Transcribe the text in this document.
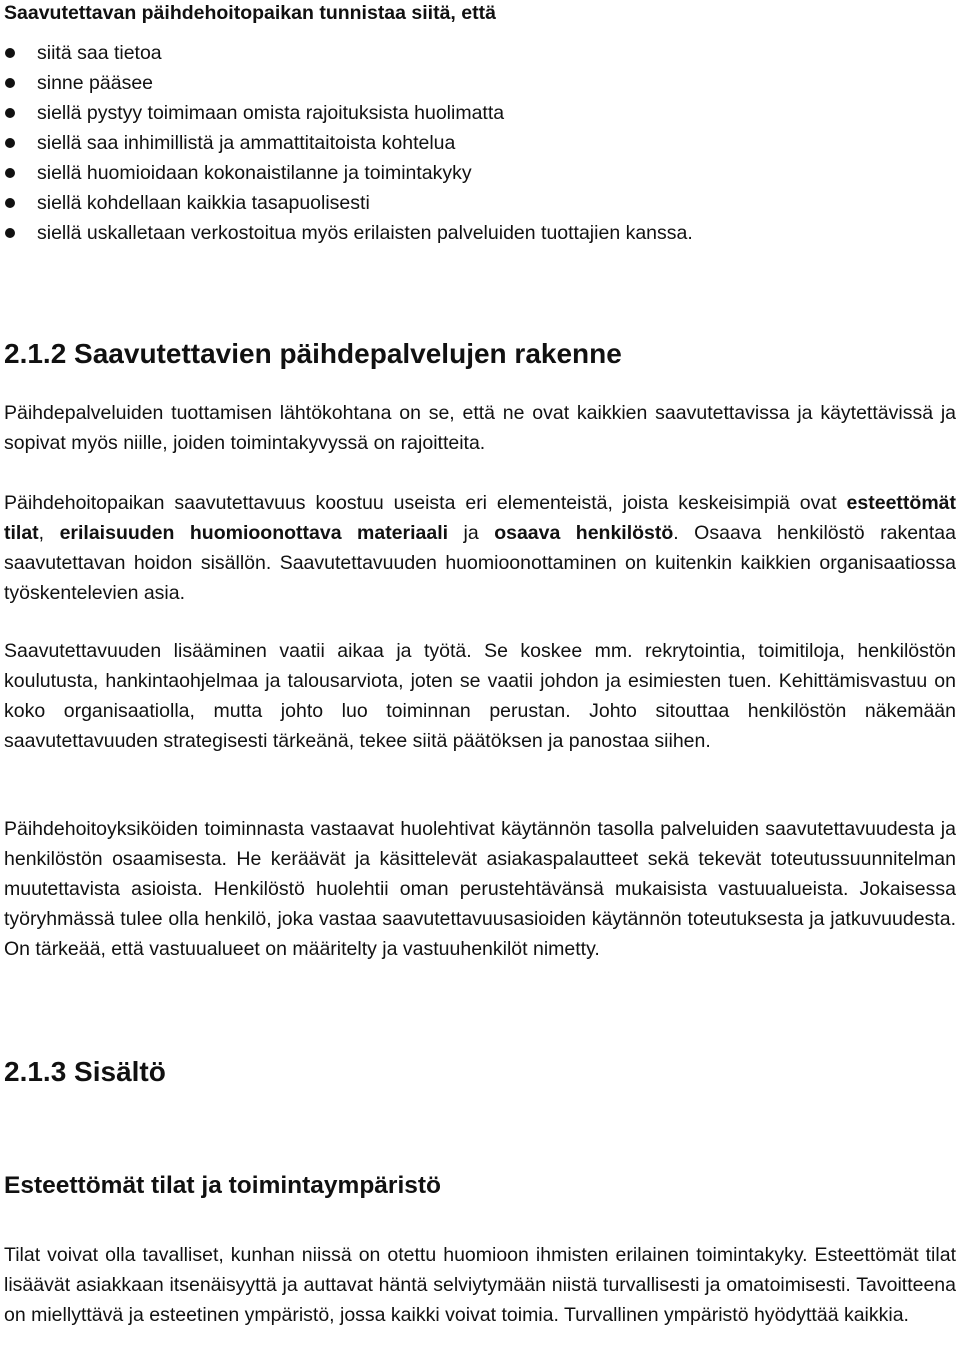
Saavutettavan päihdehoitopaikan tunnistaa siitä, että
siitä saa tietoa
sinne pääsee
siellä pystyy toimimaan omista rajoituksista huolimatta
siellä saa inhimillistä ja ammattitaitoista kohtelua
siellä huomioidaan kokonaistilanne ja toimintakyky
siellä kohdellaan kaikkia tasapuolisesti
siellä uskalletaan verkostoitua myös erilaisten palveluiden tuottajien kanssa.
2.1.2 Saavutettavien päihdepalvelujen rakenne

Päihdepalveluiden tuottamisen lähtökohtana on se, että ne ovat kaikkien saavutettavissa ja käytettävissä ja sopivat myös niille, joiden toimintakyvyssä on rajoitteita.

Päihdehoitopaikan saavutettavuus koostuu useista eri elementeistä, joista keskeisimpiä ovat esteettömät tilat, erilaisuuden huomioonottava materiaali ja osaava henkilöstö. Osaava henkilöstö rakentaa saavutettavan hoidon sisällön. Saavutettavuuden huomioonottaminen on kuitenkin kaikkien organisaatiossa työskentelevien asia.

Saavutettavuuden lisääminen vaatii aikaa ja työtä. Se koskee mm. rekrytointia, toimitiloja, henkilöstön koulutusta, hankintaohjelmaa ja talousarviota, joten se vaatii johdon ja esimiesten tuen. Kehittämisvastuu on koko organisaatiolla, mutta johto luo toiminnan perustan. Johto sitouttaa henkilöstön näkemään saavutettavuuden strategisesti tärkeänä, tekee siitä päätöksen ja panostaa siihen.

Päihdehoitoyksiköiden toiminnasta vastaavat huolehtivat käytännön tasolla palveluiden saavutettavuudesta ja henkilöstön osaamisesta. He keräävät ja käsittelevät asiakaspalautteet sekä tekevät toteutussuunnitelman muutettavista asioista. Henkilöstö huolehtii oman perustehtävänsä mukaisista vastuualueista. Jokaisessa työryhmässä tulee olla henkilö, joka vastaa saavutettavuusasioiden käytännön toteutuksesta ja jatkuvuudesta. On tärkeää, että vastuualueet on määritelty ja vastuuhenkilöt nimetty.

2.1.3 Sisältö
Esteettömät tilat ja toimintaympäristö

Tilat voivat olla tavalliset, kunhan niissä on otettu huomioon ihmisten erilainen toimintakyky. Esteettömät tilat lisäävät asiakkaan itsenäisyyttä ja auttavat häntä selviytymään niistä turvallisesti ja omatoimisesti. Tavoitteena on miellyttävä ja esteetinen ympäristö, jossa kaikki voivat toimia. Turvallinen ympäristö hyödyttää kaikkia.
